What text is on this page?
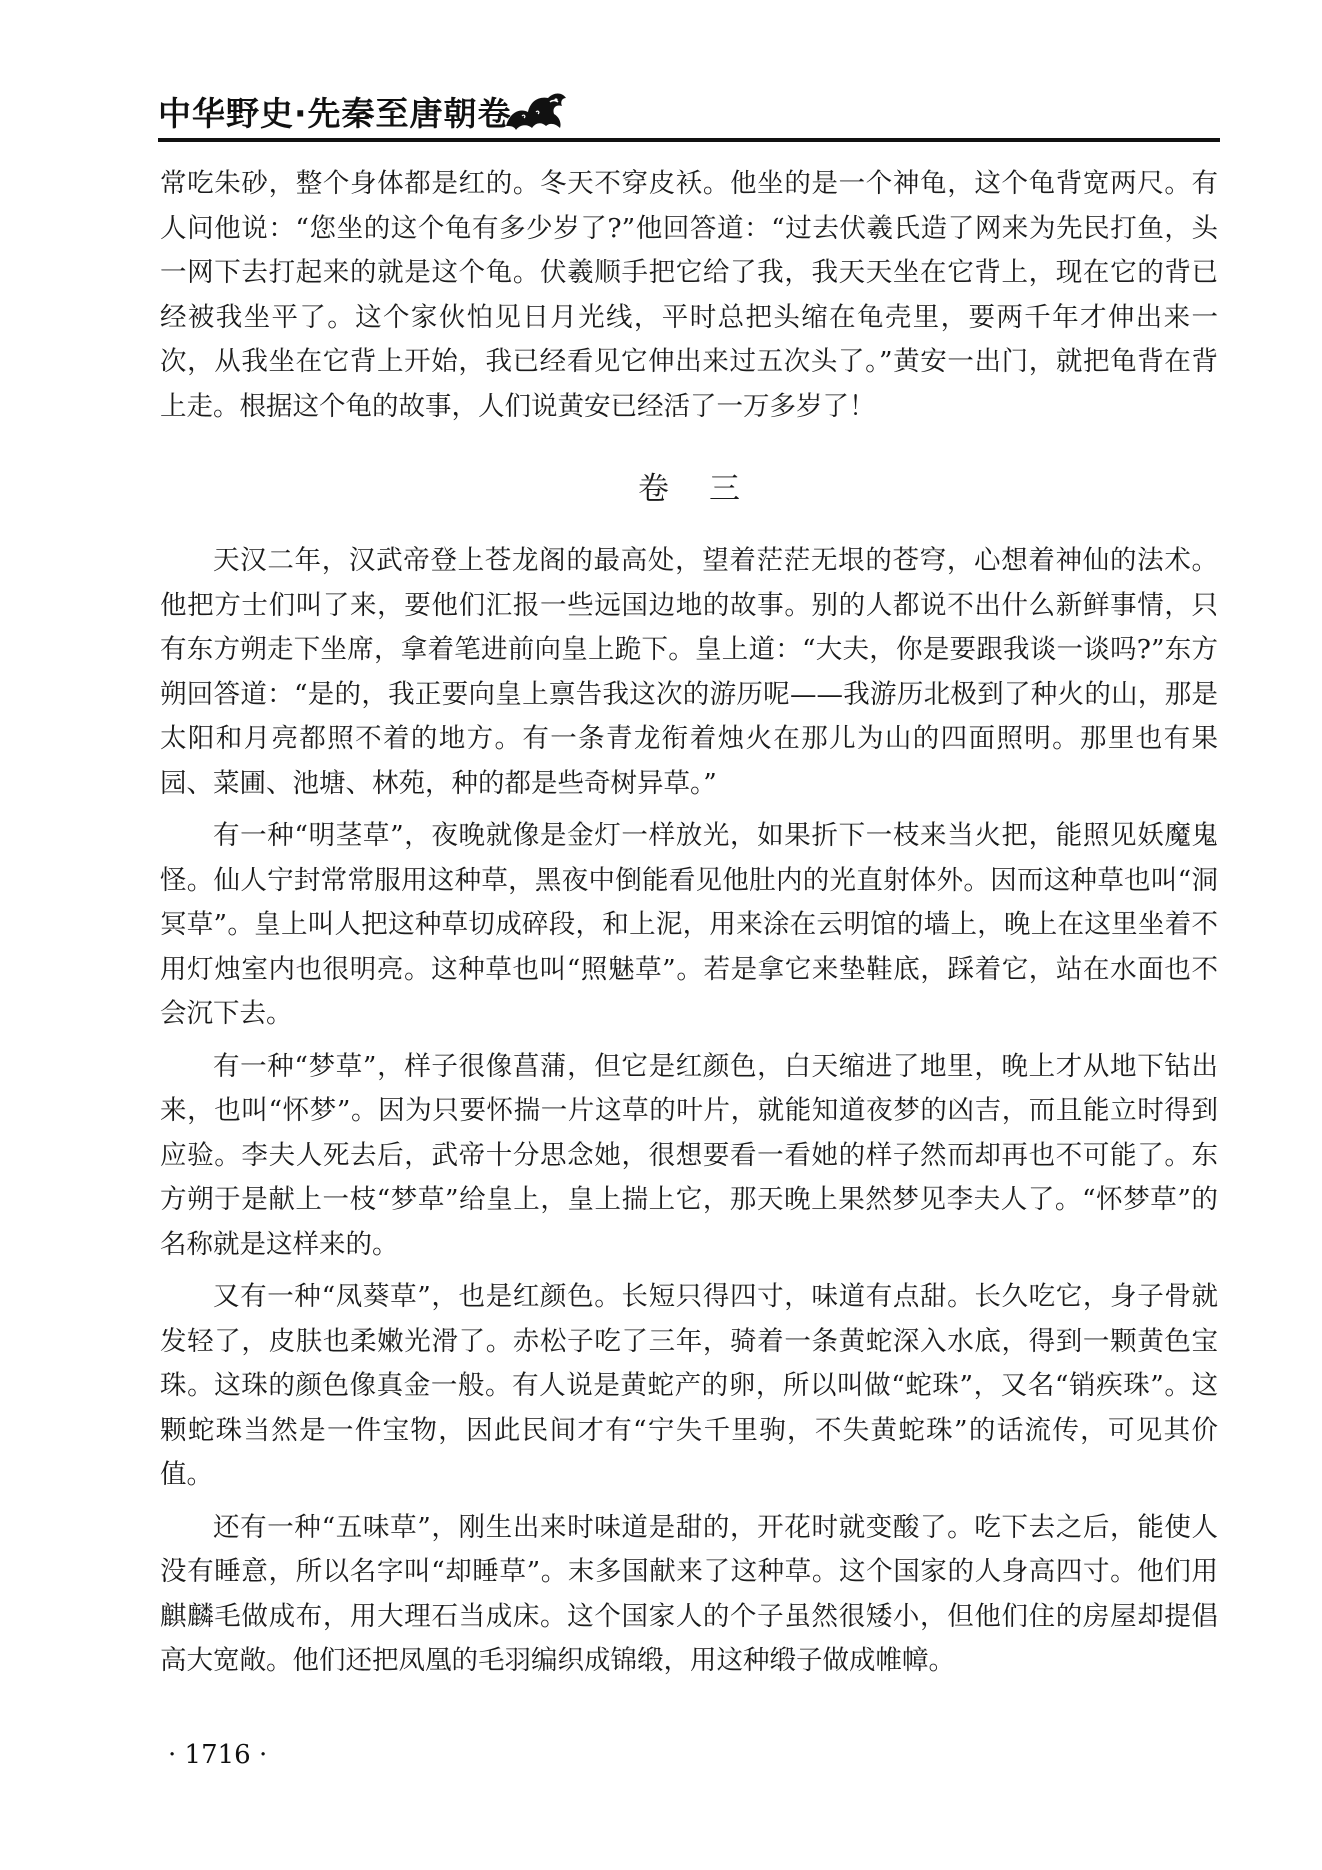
中华野史·先秦至唐朝卷

常吃朱砂，整个身体都是红的。冬天不穿皮袄。他坐的是一个神龟，这个龟背宽两尺。有人问他说：“您坐的这个龟有多少岁了?”他回答道：“过去伏羲氏造了网来为先民打鱼，头一网下去打起来的就是这个龟。伏羲顺手把它给了我，我天天坐在它背上，现在它的背已经被我坐平了。这个家伙怕见日月光线，平时总把头缩在龟壳里，要两千年才伸出来一次，从我坐在它背上开始，我已经看见它伸出来过五次头了。”黄安一出门，就把龟背在背上走。根据这个龟的故事，人们说黄安已经活了一万多岁了！

卷三

天汉二年，汉武帝登上苍龙阁的最高处，望着茫茫无垠的苍穹，心想着神仙的法术。他把方士们叫了来，要他们汇报一些远国边地的故事。别的人都说不出什么新鲜事情，只有东方朔走下坐席，拿着笔进前向皇上跪下。皇上道：“大夫，你是要跟我谈一谈吗?”东方朔回答道：“是的，我正要向皇上禀告我这次的游历呢——我游历北极到了种火的山，那是太阳和月亮都照不着的地方。有一条青龙衔着烛火在那儿为山的四面照明。那里也有果园、菜圃、池塘、林苑，种的都是些奇树异草。”

有一种“明茎草”，夜晚就像是金灯一样放光，如果折下一枝来当火把，能照见妖魔鬼怪。仙人宁封常常服用这种草，黑夜中倒能看见他肚内的光直射体外。因而这种草也叫“洞冥草”。皇上叫人把这种草切成碎段，和上泥，用来涂在云明馆的墙上，晚上在这里坐着不用灯烛室内也很明亮。这种草也叫“照魅草”。若是拿它来垫鞋底，踩着它，站在水面也不会沉下去。

有一种“梦草”，样子很像菖蒲，但它是红颜色，白天缩进了地里，晚上才从地下钻出来，也叫“怀梦”。因为只要怀揣一片这草的叶片，就能知道夜梦的凶吉，而且能立时得到应验。李夫人死去后，武帝十分思念她，很想要看一看她的样子然而却再也不可能了。东方朔于是献上一枝“梦草”给皇上，皇上揣上它，那天晚上果然梦见李夫人了。“怀梦草”的名称就是这样来的。

又有一种“凤葵草”，也是红颜色。长短只得四寸，味道有点甜。长久吃它，身子骨就发轻了，皮肤也柔嫩光滑了。赤松子吃了三年，骑着一条黄蛇深入水底，得到一颗黄色宝珠。这珠的颜色像真金一般。有人说是黄蛇产的卵，所以叫做“蛇珠”，又名“销疾珠”。这颗蛇珠当然是一件宝物，因此民间才有“宁失千里驹，不失黄蛇珠”的话流传，可见其价值。

还有一种“五味草”，刚生出来时味道是甜的，开花时就变酸了。吃下去之后，能使人没有睡意，所以名字叫“却睡草”。末多国献来了这种草。这个国家的人身高四寸。他们用麒麟毛做成布，用大理石当成床。这个国家人的个子虽然很矮小，但他们住的房屋却提倡高大宽敞。他们还把凤凰的毛羽编织成锦缎，用这种缎子做成帷幛。

· 1716 ·
